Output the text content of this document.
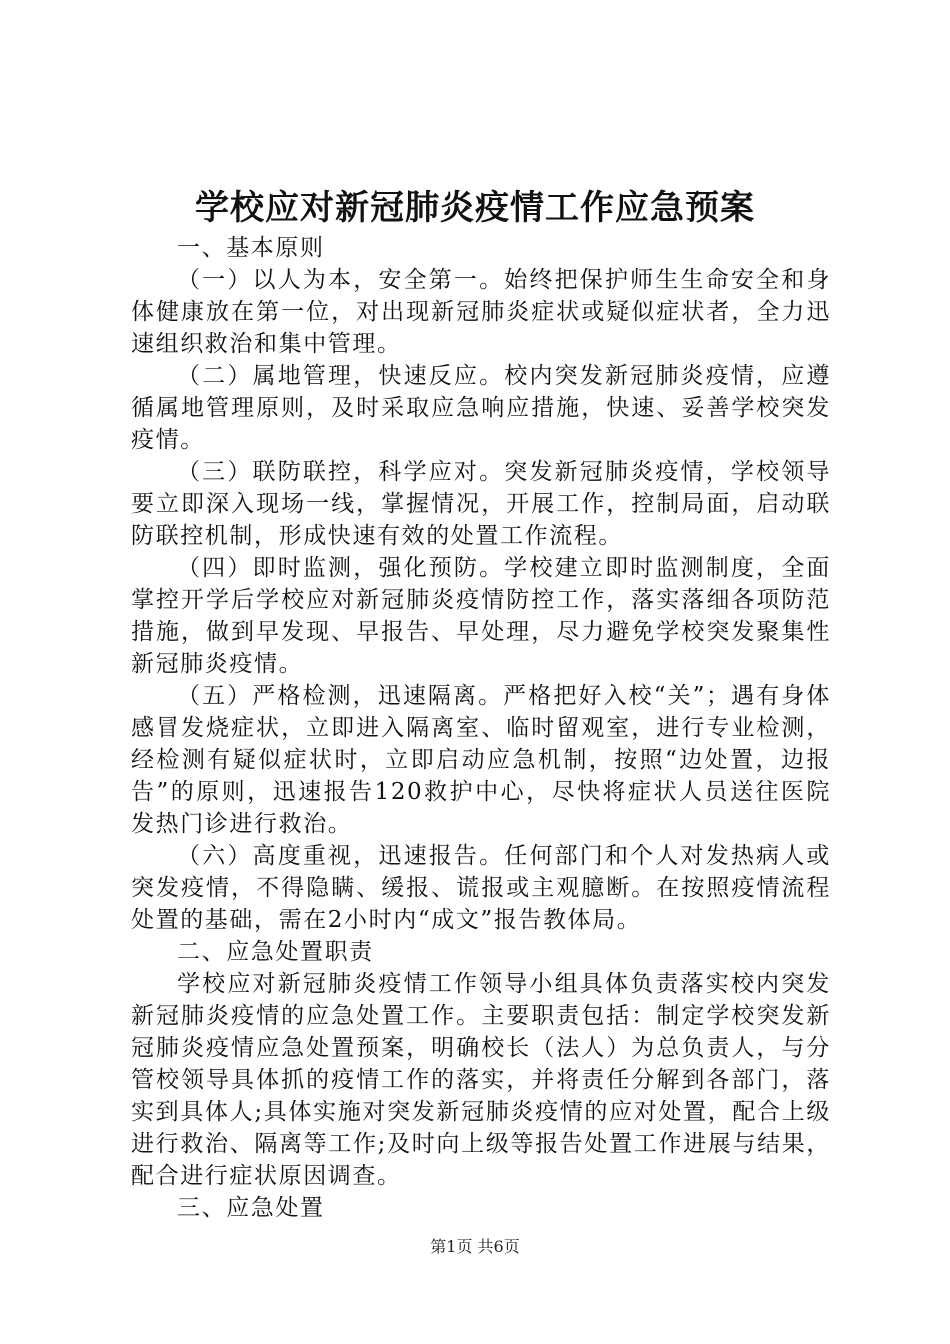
学校应对新冠肺炎疫情工作应急预案

一、基本原则

（一）以人为本，安全第一。始终把保护师生生命安全和身体健康放在第一位，对出现新冠肺炎症状或疑似症状者，全力迅速组织救治和集中管理。

（二）属地管理，快速反应。校内突发新冠肺炎疫情，应遵循属地管理原则，及时采取应急响应措施，快速、妥善学校突发疫情。

（三）联防联控，科学应对。突发新冠肺炎疫情，学校领导要立即深入现场一线，掌握情况，开展工作，控制局面，启动联防联控机制，形成快速有效的处置工作流程。

（四）即时监测，强化预防。学校建立即时监测制度，全面掌控开学后学校应对新冠肺炎疫情防控工作，落实落细各项防范措施，做到早发现、早报告、早处理，尽力避免学校突发聚集性新冠肺炎疫情。

（五）严格检测，迅速隔离。严格把好入校“关”；遇有身体感冒发烧症状，立即进入隔离室、临时留观室，进行专业检测，经检测有疑似症状时，立即启动应急机制，按照“边处置，边报告”的原则，迅速报告120救护中心，尽快将症状人员送往医院发热门诊进行救治。

（六）高度重视，迅速报告。任何部门和个人对发热病人或突发疫情，不得隐瞒、缓报、谎报或主观臆断。在按照疫情流程处置的基础，需在2小时内“成文”报告教体局。

二、应急处置职责

学校应对新冠肺炎疫情工作领导小组具体负责落实校内突发新冠肺炎疫情的应急处置工作。主要职责包括：制定学校突发新冠肺炎疫情应急处置预案，明确校长（法人）为总负责人，与分管校领导具体抓的疫情工作的落实，并将责任分解到各部门，落实到具体人;具体实施对突发新冠肺炎疫情的应对处置，配合上级进行救治、隔离等工作;及时向上级等报告处置工作进展与结果，配合进行症状原因调查。

三、应急处置

第1页 共6页
